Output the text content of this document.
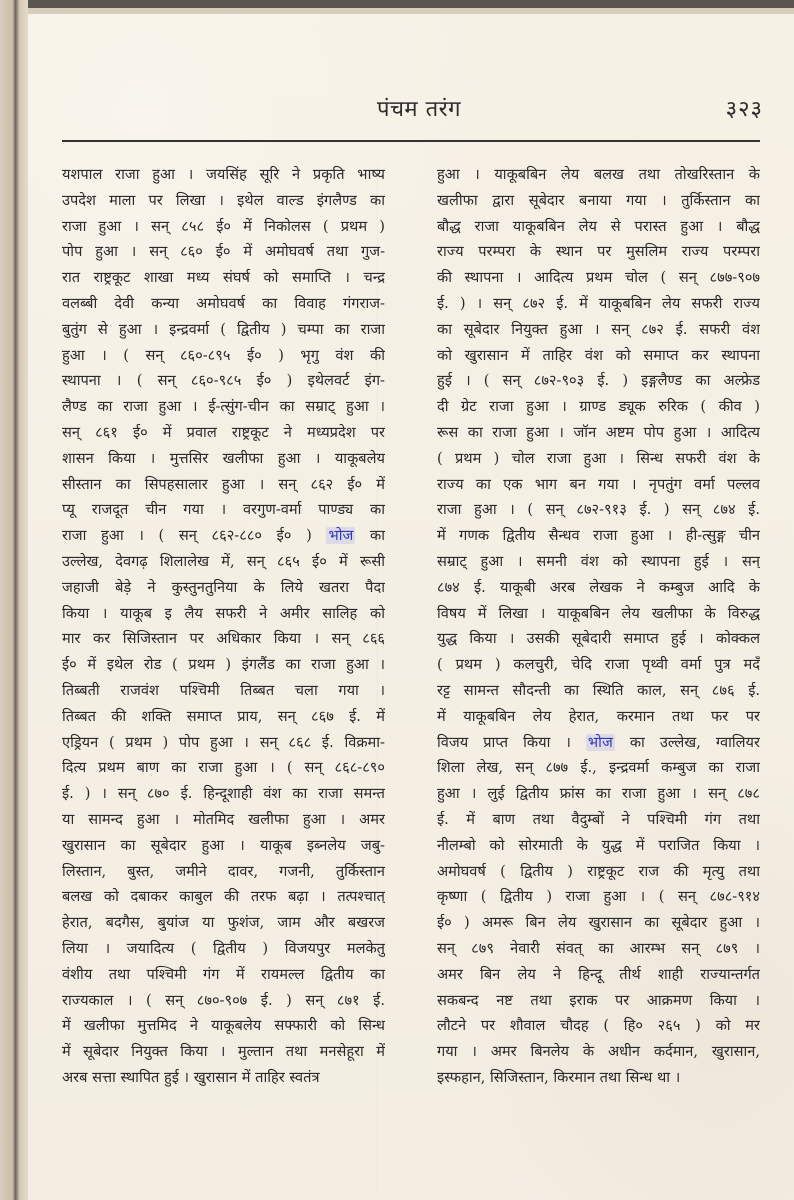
पंचम तरंग	३२३
यशपाल राजा हुआ । जयसिंह सूरि ने प्रकृति भाष्य
उपदेश माला पर लिखा । इथेल वाल्ड इंगलैण्ड का
राजा हुआ । सन् ८५८ ई० में निकोलस ( प्रथम )
पोप हुआ । सन् ८६० ई० में अमोघवर्ष तथा गुज-
रात राष्ट्रकूट शाखा मध्य संघर्ष को समाप्ति । चन्द्र
वलब्बी देवी कन्या अमोघवर्ष का विवाह गंगराज-
बुतुंग से हुआ । इन्द्रवर्मा ( द्वितीय ) चम्पा का राजा
हुआ । ( सन् ८६०-८९५ ई० ) भृगु वंश की
स्थापना । ( सन् ८६०-९८५ ई० ) इथेलवर्ट इंग-
लैण्ड का राजा हुआ । ई-त्सुंग-चीन का सम्राट् हुआ ।
सन् ८६१ ई० में प्रवाल राष्ट्रकूट ने मध्यप्रदेश पर
शासन किया । मुत्तसिर खलीफा हुआ । याकूबलेय
सीस्तान का सिपहसालार हुआ । सन् ८६२ ई० में
प्यू राजदूत चीन गया । वरगुण-वर्मा पाण्ड्य का
राजा हुआ । ( सन् ८६२-८८० ई० ) भोज का
उल्लेख, देवगढ़ शिलालेख में, सन् ८६५ ई० में रूसी
जहाजी बेड़े ने कुस्तुनतुनिया के लिये खतरा पैदा
किया । याकूब इ लैय सफरी ने अमीर सालिह को
मार कर सिजिस्तान पर अधिकार किया । सन् ८६६
ई० में इथेल रोड ( प्रथम ) इंगलैंड का राजा हुआ ।
तिब्बती राजवंश पश्चिमी तिब्बत चला गया ।
तिब्बत की शक्ति समाप्त प्राय, सन् ८६७ ई. में
एड्रियन ( प्रथम ) पोप हुआ । सन् ८६८ ई. विक्रमा-
दित्य प्रथम बाण का राजा हुआ । ( सन् ८६८-८९०
ई. ) । सन् ८७० ई. हिन्दूशाही वंश का राजा समन्त
या सामन्द हुआ । मोतमिद खलीफा हुआ । अमर
खुरासान का सूबेदार हुआ । याकूब इब्नलेय जबु-
लिस्तान, बुस्त, जमीने दावर, गजनी, तुर्किस्तान
बलख को दबाकर काबुल की तरफ बढ़ा । तत्पश्चात्
हेरात, बदगैस, बुयांज या फुशंज, जाम और बखरज
लिया । जयादित्य ( द्वितीय ) विजयपुर मलकेतु
वंशीय तथा पश्चिमी गंग में रायमल्ल द्वितीय का
राज्यकाल । ( सन् ८७०-९०७ ई. ) सन् ८७१ ई.
में खलीफा मुत्तमिद ने याकूबलेय सफ्फारी को सिन्ध
में सूबेदार नियुक्त किया । मुल्तान तथा मनसेहूरा में
अरब सत्ता स्थापित हुई । खुरासान में ताहिर स्वतंत्र
हुआ । याकूबबिन लेय बलख तथा तोखरिस्तान के
खलीफा द्वारा सूबेदार बनाया गया । तुर्किस्तान का
बौद्ध राजा याकूबबिन लेय से परास्त हुआ । बौद्ध
राज्य परम्परा के स्थान पर मुसलिम राज्य परम्परा
की स्थापना । आदित्य प्रथम चोल ( सन् ८७७-९०७
ई. ) । सन् ८७२ ई. में याकूबबिन लेय सफरी राज्य
का सूबेदार नियुक्त हुआ । सन् ८७२ ई. सफरी वंश
को खुरासान में ताहिर वंश को समाप्त कर स्थापना
हुई । ( सन् ८७२-९०३ ई. ) इङ्गलैण्ड का अल्फ्रेड
दी ग्रेट राजा हुआ । ग्राण्ड ड्यूक रुरिक ( कीव )
रूस का राजा हुआ । जॉन अष्टम पोप हुआ । आदित्य
( प्रथम ) चोल राजा हुआ । सिन्ध सफरी वंश के
राज्य का एक भाग बन गया । नृपतुंग वर्मा पल्लव
राजा हुआ । ( सन् ८७२-९१३ ई. ) सन् ८७४ ई.
में गणक द्वितीय सैन्धव राजा हुआ । ही-त्सुङ्ग चीन
सम्राट् हुआ । समनी वंश को स्थापना हुई । सन्
८७४ ई. याकूबी अरब लेखक ने कम्बुज आदि के
विषय में लिखा । याकूबबिन लेय खलीफा के विरुद्ध
युद्ध किया । उसकी सूबेदारी समाप्त हुई । कोक्कल
( प्रथम ) कलचुरी, चेदि राजा पृथ्वी वर्मा पुत्र मदँ
रट्ट सामन्त सौदन्ती का स्थिति काल, सन् ८७६ ई.
में याकूबबिन लेय हेरात, करमान तथा फर पर
विजय प्राप्त किया । भोज का उल्लेख, ग्वालियर
शिला लेख, सन् ८७७ ई., इन्द्रवर्मा कम्बुज का राजा
हुआ । लुई द्वितीय फ्रांस का राजा हुआ । सन् ८७८
ई. में बाण तथा वैदुम्बों ने पश्चिमी गंग तथा
नीलम्बो को सोरमाती के युद्ध में पराजित किया ।
अमोघवर्ष ( द्वितीय ) राष्ट्रकूट राज की मृत्यु तथा
कृष्णा ( द्वितीय ) राजा हुआ । ( सन् ८७८-९१४
ई० ) अमरू बिन लेय खुरासान का सूबेदार हुआ ।
सन् ८७९ नेवारी संवत् का आरम्भ सन् ८७९ ।
अमर बिन लेय ने हिन्दू तीर्थ शाही राज्यान्तर्गत
सकबन्द नष्ट तथा इराक पर आक्रमण किया ।
लौटने पर शौवाल चौदह ( हि० २६५ ) को मर
गया । अमर बिनलेय के अधीन कर्दमान, खुरासान,
इस्फहान, सिजिस्तान, किरमान तथा सिन्ध था ।
